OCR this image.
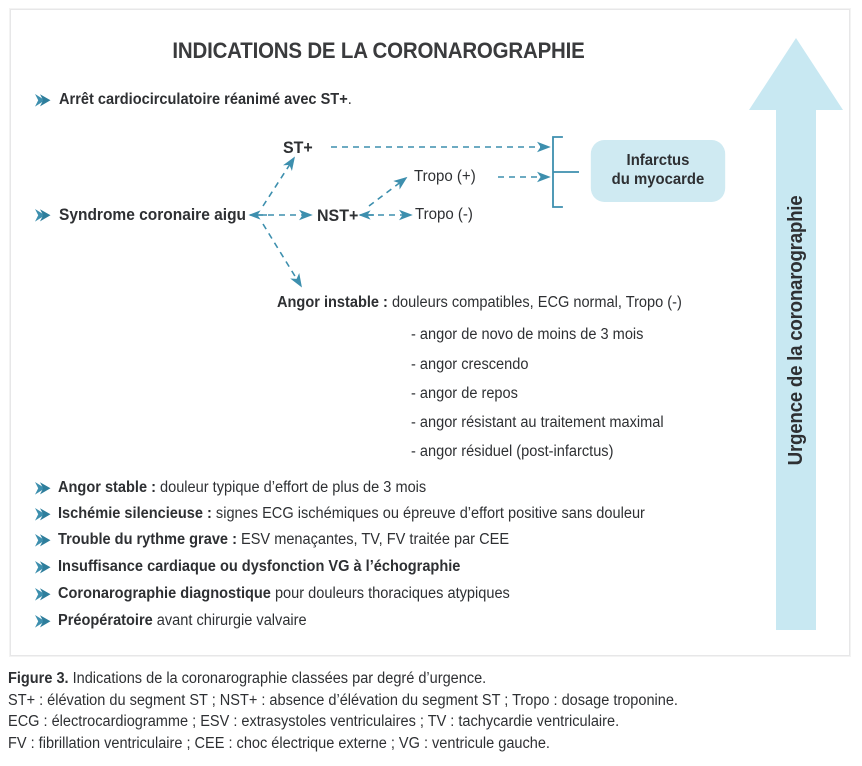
INDICATIONS DE LA CORONAROGRAPHIE
Arrêt cardiocirculatoire réanimé avec ST+.
Syndrome coronaire aigu
ST+
NST+
Tropo (+)
Tropo (-)
Infarctus
du myocarde
Angor instable : douleurs compatibles, ECG normal, Tropo (-)
- angor de novo de moins de 3 mois
- angor crescendo
- angor de repos
- angor résistant au traitement maximal
- angor résiduel (post-infarctus)
Angor stable : douleur typique d’effort de plus de 3 mois
Ischémie silencieuse : signes ECG ischémiques ou épreuve d’effort positive sans douleur
Trouble du rythme grave : ESV menaçantes, TV, FV traitée par CEE
Insuffisance cardiaque ou dysfonction VG à l’échographie
Coronarographie diagnostique pour douleurs thoraciques atypiques
Préopératoire avant chirurgie valvaire
Urgence de la coronarographie
Figure 3. Indications de la coronarographie classées par degré d’urgence.
ST+ : élévation du segment ST ; NST+ : absence d’élévation du segment ST ; Tropo : dosage troponine.
ECG : électrocardiogramme ; ESV : extrasystoles ventriculaires ; TV : tachycardie ventriculaire.
FV : fibrillation ventriculaire ; CEE : choc électrique externe ; VG : ventricule gauche.
